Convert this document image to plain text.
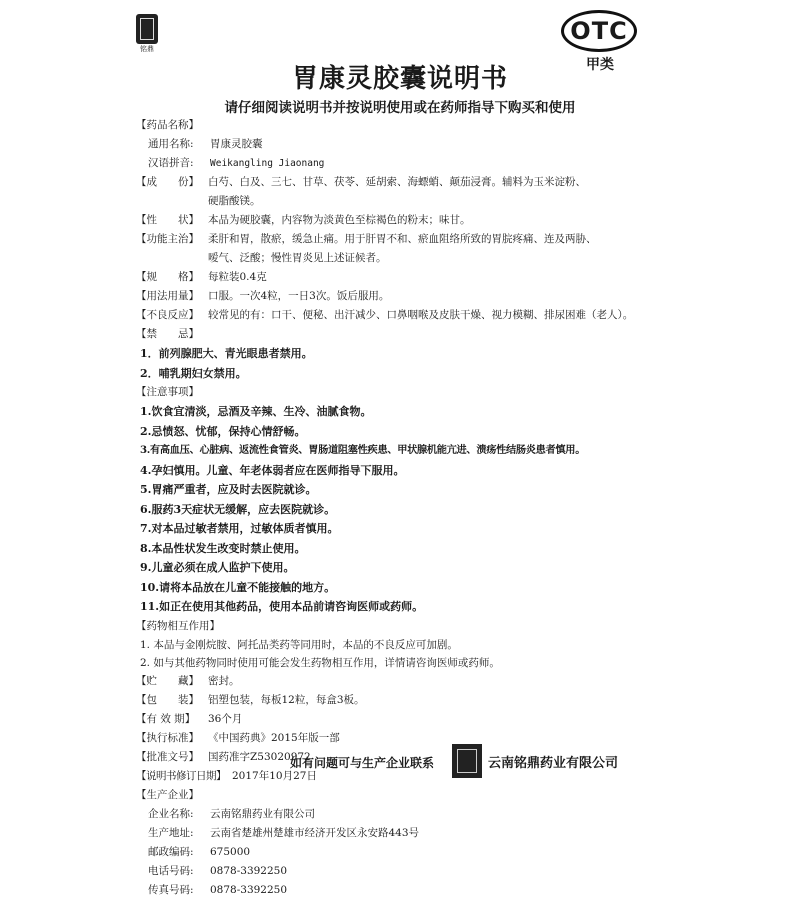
铭鼎
OTC
甲类
胃康灵胶囊说明书
请仔细阅读说明书并按说明使用或在药师指导下购买和使用
【 药品名称 】
通用名称:	胃康灵胶囊
汉语拼音:	Weikangling Jiaonang
【 成　　份 】	白芍、白及、三七、甘草、茯苓、延胡索、海螵蛸、颠茄浸膏。辅料为玉米淀粉、
硬脂酸镁。
【 性　　状 】	本品为硬胶囊，内容物为淡黄色至棕褐色的粉末；味甘。
【 功能主治 】	柔肝和胃，散瘀，缓急止痛。用于肝胃不和、瘀血阻络所致的胃脘疼痛、连及两胁、
嗳气、泛酸；慢性胃炎见上述证候者。
【 规　　格 】	每粒装0.4克
【 用法用量 】	口服。一次4粒，一日3次。饭后服用。
【 不良反应 】	较常见的有：口干、便秘、出汗减少、口鼻咽喉及皮肤干燥、视力模糊、排尿困难（老人）。
【 禁　　忌 】
1．前列腺肥大、青光眼患者禁用。
2．哺乳期妇女禁用。
【 注意事项 】
1.饮食宜清淡，忌酒及辛辣、生冷、油腻食物。
2.忌愤怒、忧郁，保持心情舒畅。
3.有高血压、心脏病、返流性食管炎、胃肠道阻塞性疾患、甲状腺机能亢进、溃疡性结肠炎患者慎用。
4.孕妇慎用。儿童、年老体弱者应在医师指导下服用。
5.胃痛严重者，应及时去医院就诊。
6.服药3天症状无缓解，应去医院就诊。
7.对本品过敏者禁用，过敏体质者慎用。
8.本品性状发生改变时禁止使用。
9.儿童必须在成人监护下使用。
10.请将本品放在儿童不能接触的地方。
11.如正在使用其他药品，使用本品前请咨询医师或药师。
【 药物相互作用 】
1. 本品与金刚烷胺、阿托品类药等同用时，本品的不良反应可加剧。
2. 如与其他药物同时使用可能会发生药物相互作用，详情请咨询医师或药师。
【 贮　　藏 】	密封。
【 包　　装 】	铝塑包装，每板12粒，每盒3板。
【 有 效 期 】	36个月
【 执行标准 】	《中国药典》2015年版一部
【 批准文号 】	国药准字Z53020972
【 说明书修订日期 】	2017年10月27日
【 生产企业 】
企业名称:	云南铭鼎药业有限公司
生产地址:	云南省楚雄州楚雄市经济开发区永安路443号
邮政编码:	675000
电话号码:	0878-3392250
传真号码:	0878-3392250
如有问题可与生产企业联系	云南铭鼎药业有限公司
